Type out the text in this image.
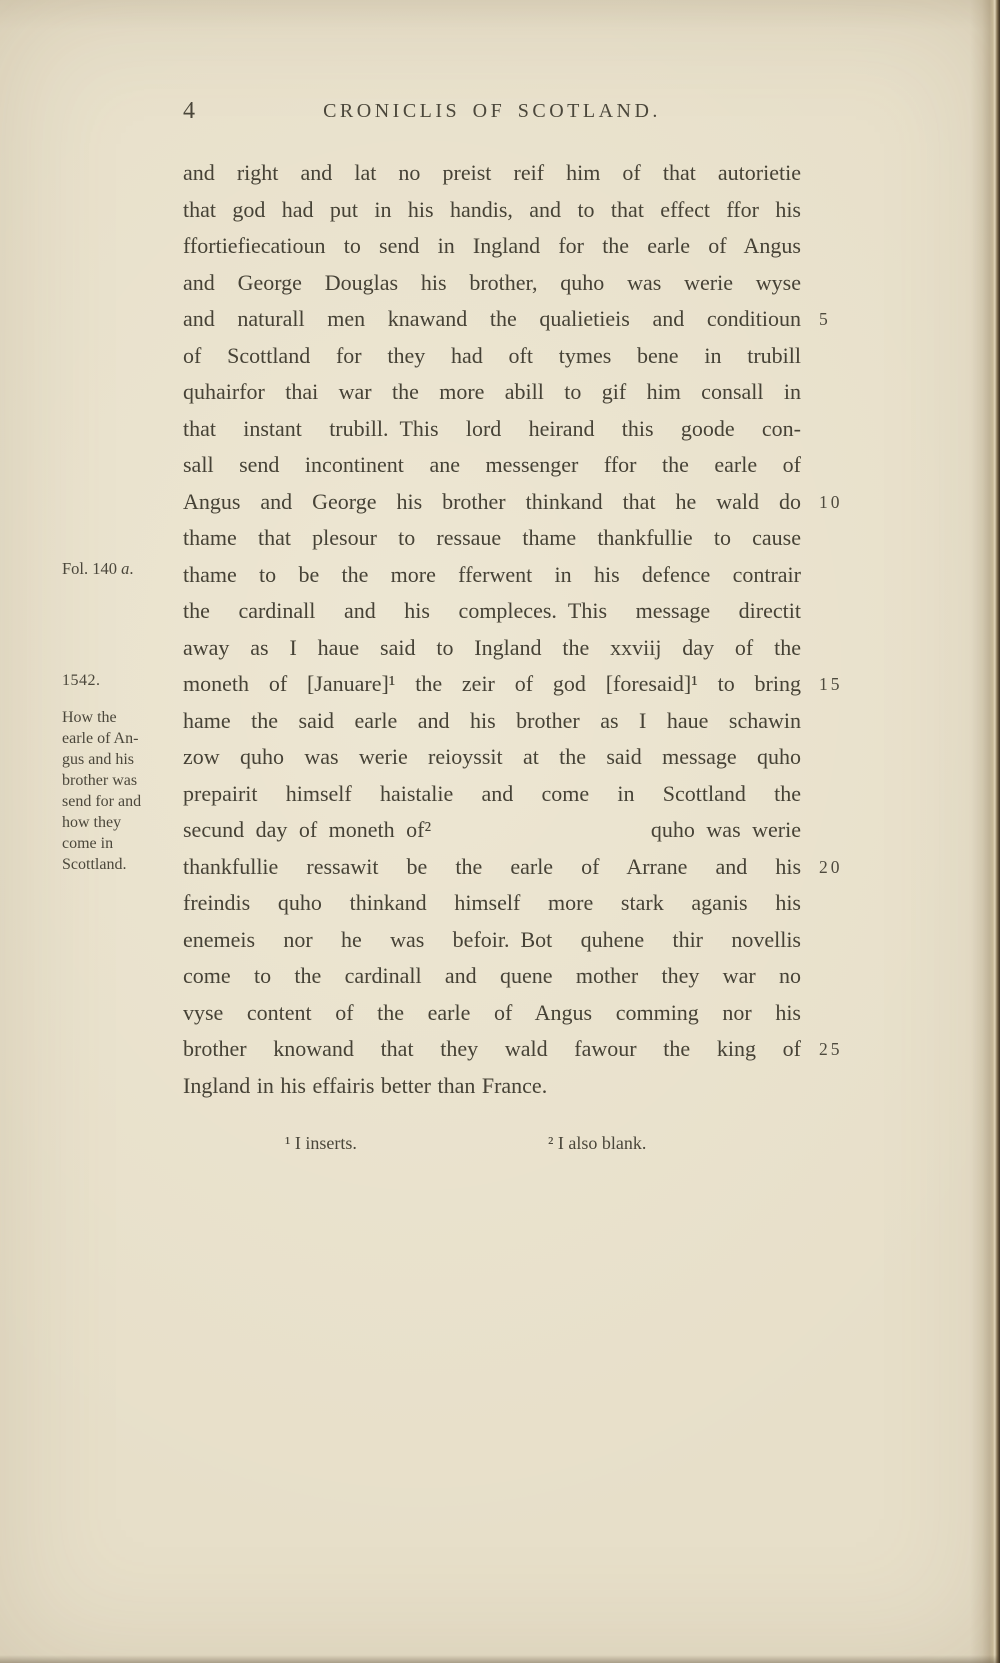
4	CRONICLIS OF SCOTLAND.
Fol. 140 a.
1542.
How the
earle of An-
gus and his
brother was
send for and
how they
come in
Scottland.
and right and lat no preist reif him of that autorietie
that god had put in his handis, and to that effect ffor his
ffortiefiecatioun to send in Ingland for the earle of Angus
and George Douglas his brother, quho was werie wyse
and naturall men knawand the qualietieis and conditioun 5
of Scottland for they had oft tymes bene in trubill
quhairfor thai war the more abill to gif him consall in
that instant trubill. This lord heirand this goode con-
sall send incontinent ane messenger ffor the earle of
Angus and George his brother thinkand that he wald do 10
thame that plesour to ressaue thame thankfullie to cause
thame to be the more fferwent in his defence contrair
the cardinall and his compleces. This message directit
away as I haue said to Ingland the xxviij day of the
moneth of [Januare]¹ the zeir of god [foresaid]¹ to bring 15
hame the said earle and his brother as I haue schawin
zow quho was werie reioyssit at the said message quho
prepairit himself haistalie and come in Scottland the
secund day of moneth of²	quho was werie
thankfullie ressawit be the earle of Arrane and his 20
freindis quho thinkand himself more stark aganis his
enemeis nor he was befoir. Bot quhene thir novellis
come to the cardinall and quene mother they war no
vyse content of the earle of Angus comming nor his
brother knowand that they wald fawour the king of 25
Ingland in his effairis better than France.
¹ I inserts.	² I also blank.
